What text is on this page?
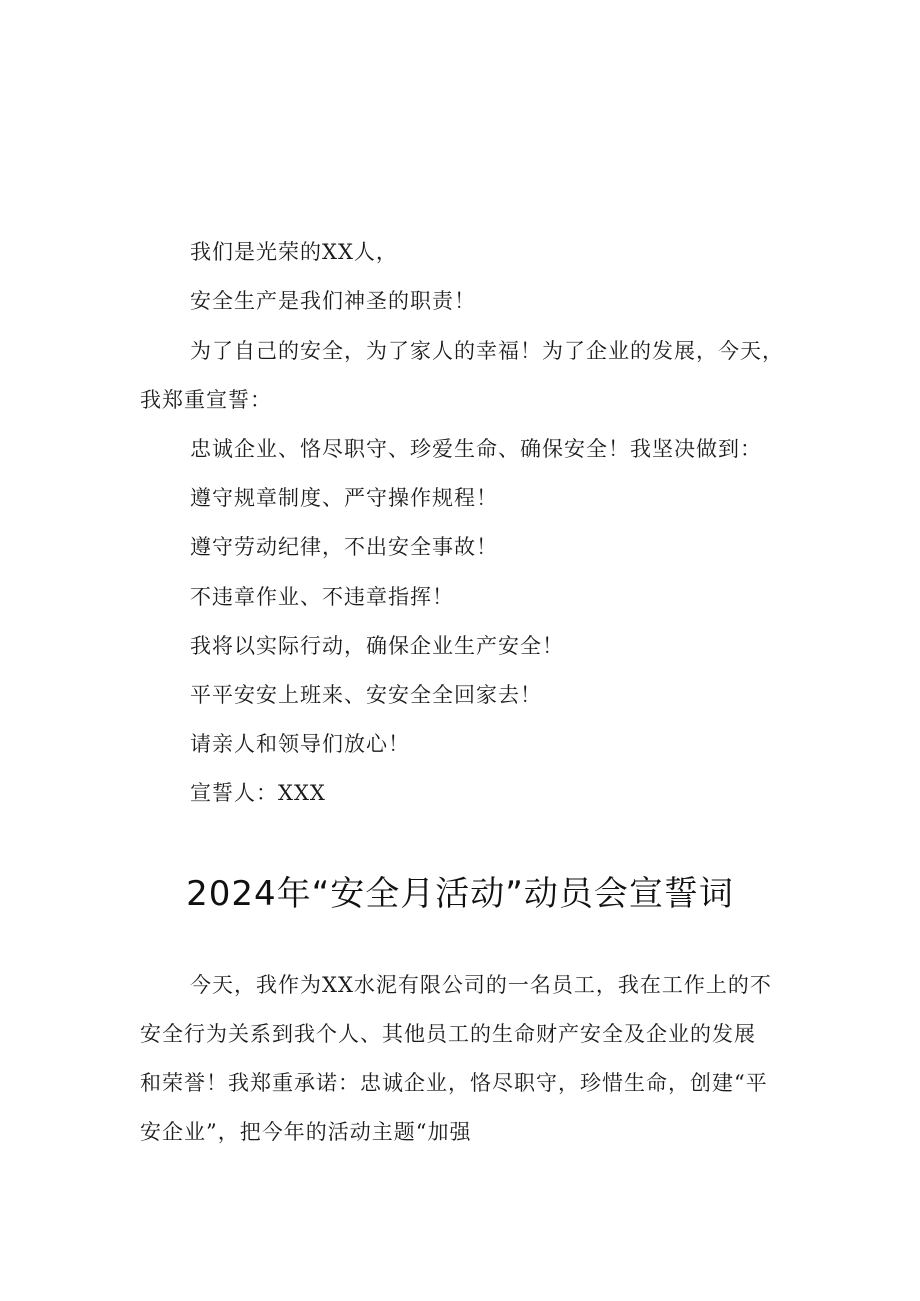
我们是光荣的XX人，
安全生产是我们神圣的职责！
为了自己的安全，为了家人的幸福！为了企业的发展，今天，
我郑重宣誓：
忠诚企业、恪尽职守、珍爱生命、确保安全！我坚决做到：
遵守规章制度、严守操作规程！
遵守劳动纪律，不出安全事故！
不违章作业、不违章指挥！
我将以实际行动，确保企业生产安全！
平平安安上班来、安安全全回家去！
请亲人和领导们放心！
宣誓人：XXX
2024年“安全月活动”动员会宣誓词
今天，我作为XX水泥有限公司的一名员工，我在工作上的不
安全行为关系到我个人、其他员工的生命财产安全及企业的发展
和荣誉！我郑重承诺：忠诚企业，恪尽职守，珍惜生命，创建“平
安企业”，把今年的活动主题“加强
